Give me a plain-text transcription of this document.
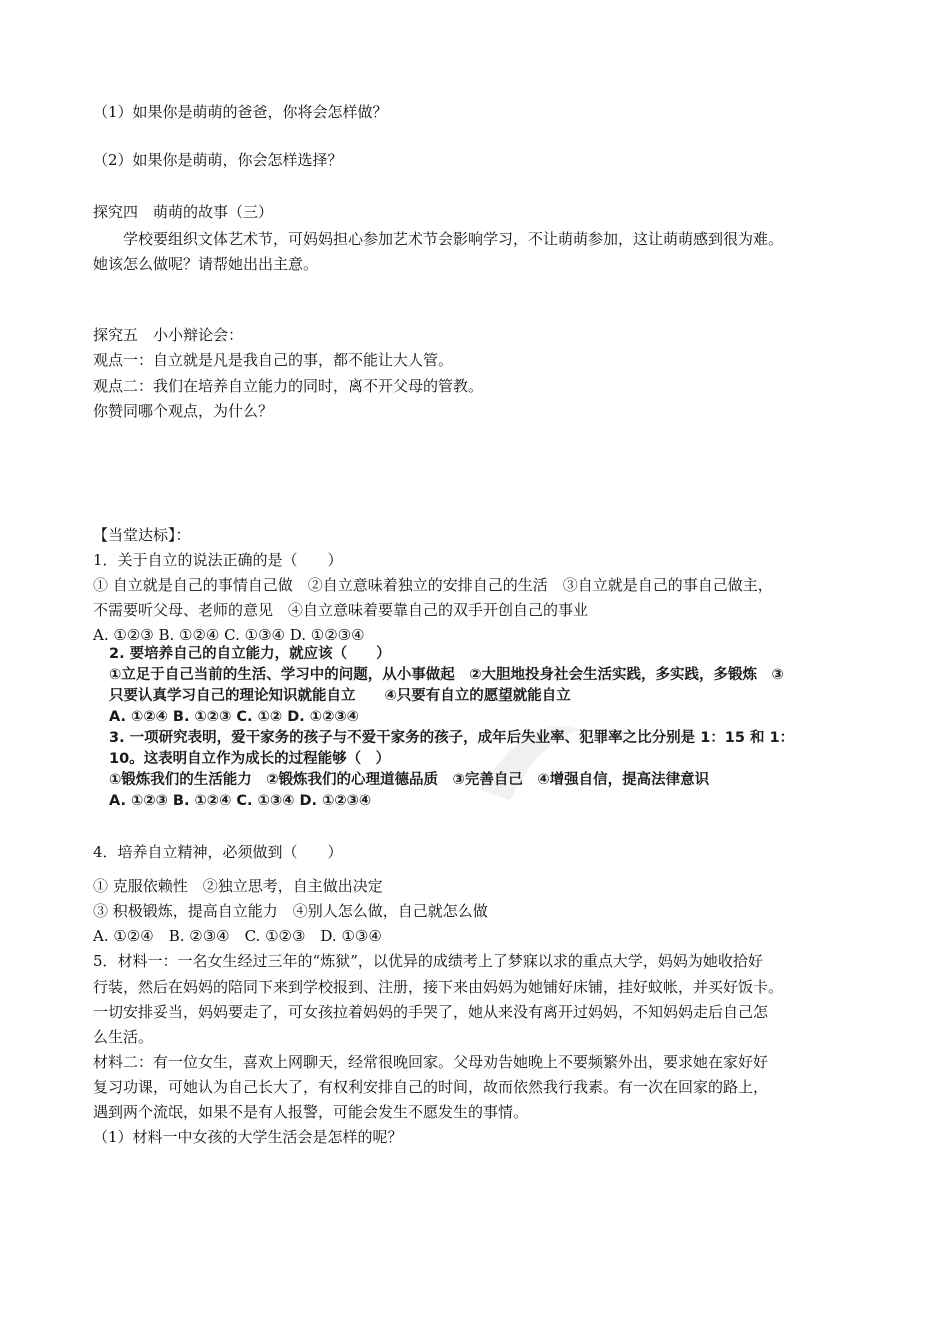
（1）如果你是萌萌的爸爸，你将会怎样做？
（2）如果你是萌萌，你会怎样选择？
探究四　萌萌的故事（三）
　　学校要组织文体艺术节，可妈妈担心参加艺术节会影响学习，不让萌萌参加，这让萌萌感到很为难。
她该怎么做呢？请帮她出出主意。
探究五　小小辩论会：
观点一：自立就是凡是我自己的事，都不能让大人管。
观点二：我们在培养自立能力的同时，离不开父母的管教。
你赞同哪个观点，为什么？
【当堂达标】：
1．关于自立的说法正确的是（　　）
① 自立就是自己的事情自己做　②自立意味着独立的安排自己的生活　③自立就是自己的事自己做主，
不需要听父母、老师的意见　④自立意味着要靠自己的双手开创自己的事业
A. ①②③ B. ①②④ C. ①③④ D. ①②③④
2. 要培养自己的自立能力，就应该（　　）
①立足于自己当前的生活、学习中的问题，从小事做起　②大胆地投身社会生活实践，多实践，多锻炼　③
只要认真学习自己的理论知识就能自立　　④只要有自立的愿望就能自立
A. ①②④ B. ①②③ C. ①② D. ①②③④
3. 一项研究表明，爱干家务的孩子与不爱干家务的孩子，成年后失业率、犯罪率之比分别是 1：15 和 1：
10。这表明自立作为成长的过程能够（　）
①锻炼我们的生活能力　②锻炼我们的心理道德品质　③完善自己　④增强自信，提高法律意识
A. ①②③ B. ①②④ C. ①③④ D. ①②③④
4．培养自立精神，必须做到（　　）
① 克服依赖性　②独立思考，自主做出决定
③ 积极锻炼，提高自立能力　④别人怎么做，自己就怎么做
A. ①②④　B. ②③④　C. ①②③　D. ①③④
5．材料一：一名女生经过三年的“炼狱”，以优异的成绩考上了梦寐以求的重点大学，妈妈为她收拾好
行装，然后在妈妈的陪同下来到学校报到、注册，接下来由妈妈为她铺好床铺，挂好蚊帐，并买好饭卡。
一切安排妥当，妈妈要走了，可女孩拉着妈妈的手哭了，她从来没有离开过妈妈，不知妈妈走后自己怎
么生活。
材料二：有一位女生，喜欢上网聊天，经常很晚回家。父母劝告她晚上不要频繁外出，要求她在家好好
复习功课，可她认为自己长大了，有权利安排自己的时间，故而依然我行我素。有一次在回家的路上，
遇到两个流氓，如果不是有人报警，可能会发生不愿发生的事情。
（1）材料一中女孩的大学生活会是怎样的呢？
